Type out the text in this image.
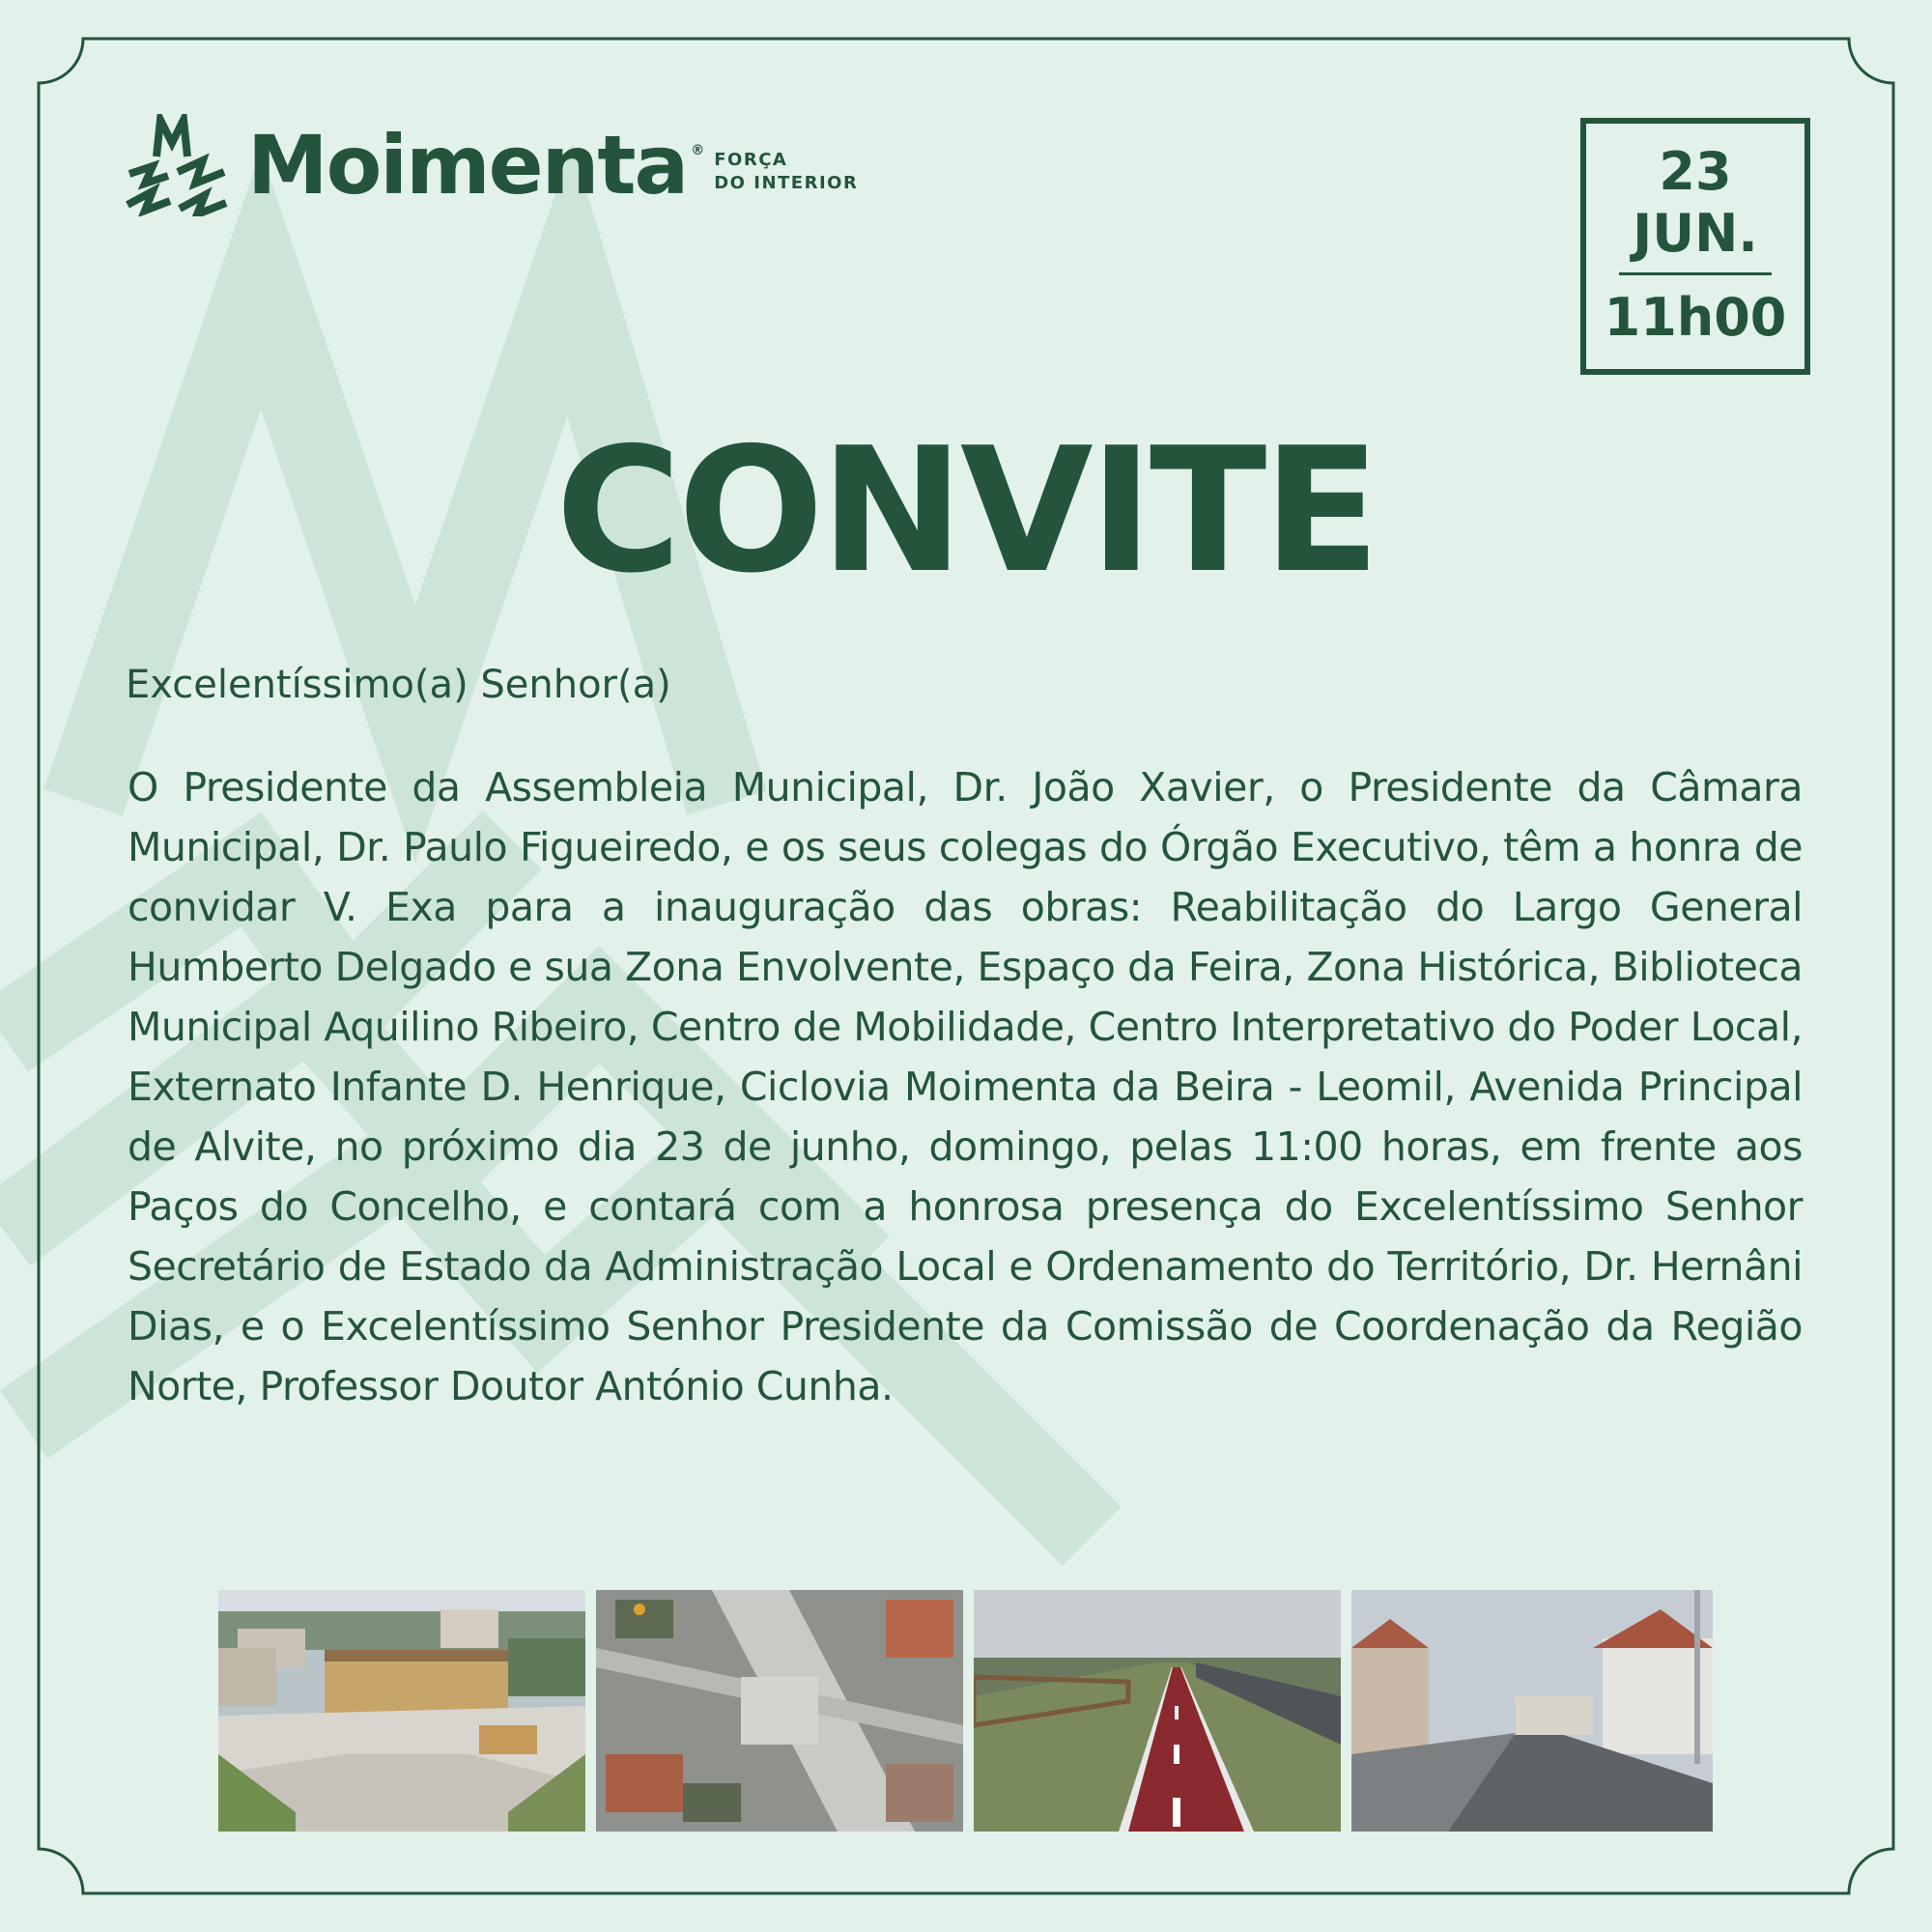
Moimenta ® FORÇA
DO INTERIOR	23
JUN.
11h00
CONVITE
Excelentíssimo(a) Senhor(a)
O Presidente da Assembleia Municipal, Dr. João Xavier, o Presidente da Câmara Municipal, Dr. Paulo Figueiredo, e os seus colegas do Órgão Executivo, têm a honra de convidar V. Exa para a inauguração das obras: Reabilitação do Largo General Humberto Delgado e sua Zona Envolvente, Espaço da Feira, Zona Histórica, Biblioteca Municipal Aquilino Ribeiro, Centro de Mobilidade, Centro Interpretativo do Poder Local, Externato Infante D. Henrique, Ciclovia Moimenta da Beira - Leomil, Avenida Principal de Alvite, no próximo dia 23 de junho, domingo, pelas 11:00 horas, em frente aos Paços do Concelho, e contará com a honrosa presença do Excelentíssimo Senhor Secretário de Estado da Administração Local e Ordenamento do Território, Dr. Hernâni Dias, e o Excelentíssimo Senhor Presidente da Comissão de Coordenação da Região Norte, Professor Doutor António Cunha.
